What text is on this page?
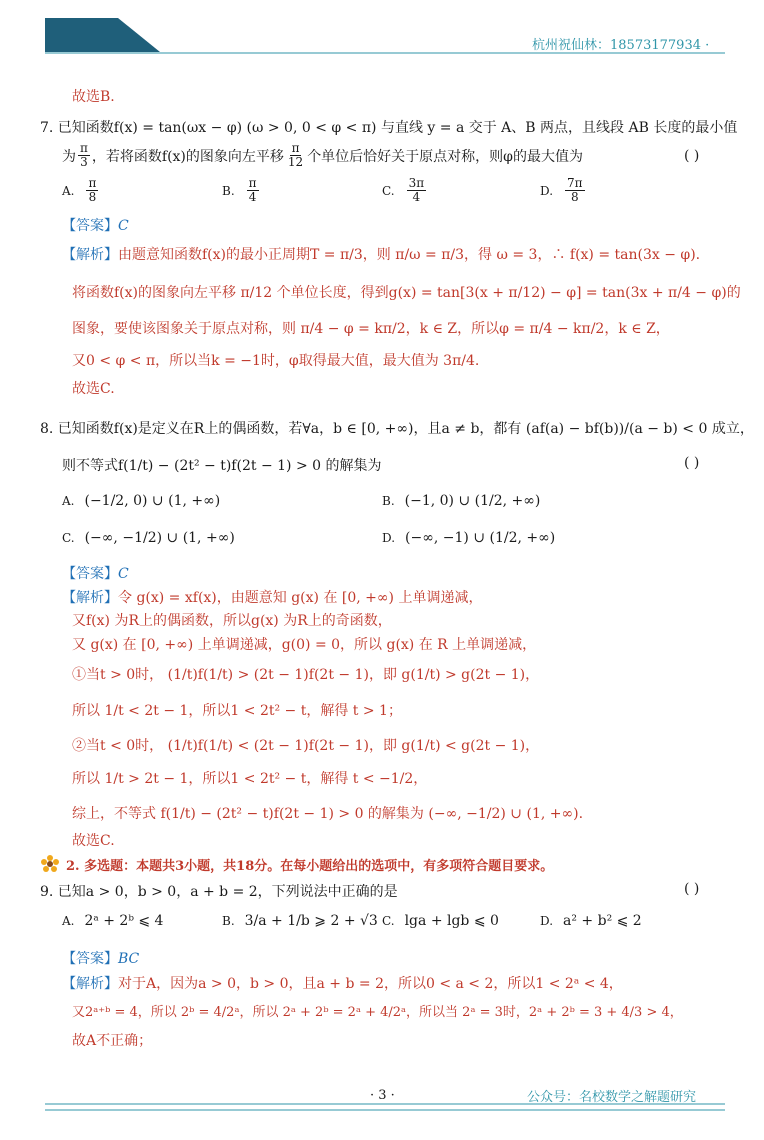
杭州祝仙林：18573177934 ·
故选B.
7. 已知函数f(x) = tan(ωx − φ) (ω > 0, 0 < φ < π) 与直线 y = a 交于 A、B 两点，且线段 AB 长度的最小值
为 $\frac{\pi}{3}$ ，若将函数f(x)的图象向左平移 $\frac{\pi}{12}$ 个单位后恰好关于原点对称，则φ的最大值为	( )
A. $\frac{\pi}{8}$	B. $\frac{\pi}{4}$	C. $\frac{3\pi}{4}$	D. $\frac{7\pi}{8}$
【答案】C
【解析】由题意知函数f(x)的最小正周期T = π/3，则 π/ω = π/3，得 ω = 3，∴ f(x) = tan(3x − φ).
将函数f(x)的图象向左平移 π/12 个单位长度，得到g(x) = tan[3(x + π/12) − φ] = tan(3x + π/4 − φ)的
图象，要使该图象关于原点对称，则 π/4 − φ = kπ/2，k ∈ Z，所以φ = π/4 − kπ/2，k ∈ Z，
又0 < φ < π，所以当k = −1时，φ取得最大值，最大值为 3π/4.
故选C.
8. 已知函数f(x)是定义在R上的偶函数，若∀a，b ∈ [0, +∞)，且a ≠ b，都有 (af(a) − bf(b))/(a − b) < 0 成立，
则不等式f(1/t) − (2t² − t)f(2t − 1) > 0 的解集为	( )
A. (−1/2, 0) ∪ (1, +∞)	B. (−1, 0) ∪ (1/2, +∞)
C. (−∞, −1/2) ∪ (1, +∞)	D. (−∞, −1) ∪ (1/2, +∞)
【答案】C
【解析】令 g(x) = xf(x)，由题意知 g(x) 在 [0, +∞) 上单调递减，
又f(x) 为R上的偶函数，所以g(x) 为R上的奇函数，
又 g(x) 在 [0, +∞) 上单调递减，g(0) = 0，所以 g(x) 在 R 上单调递减，
①当t > 0时， (1/t)f(1/t) > (2t − 1)f(2t − 1)，即 g(1/t) > g(2t − 1)，
所以 1/t < 2t − 1，所以1 < 2t² − t，解得 t > 1；
②当t < 0时， (1/t)f(1/t) < (2t − 1)f(2t − 1)，即 g(1/t) < g(2t − 1)，
所以 1/t > 2t − 1，所以1 < 2t² − t，解得 t < −1/2，
综上，不等式 f(1/t) − (2t² − t)f(2t − 1) > 0 的解集为 (−∞, −1/2) ∪ (1, +∞).
故选C.
2. 多选题：本题共3小题，共18分。在每小题给出的选项中，有多项符合题目要求。
9. 已知a > 0，b > 0，a + b = 2，下列说法中正确的是	( )
A. 2ᵃ + 2ᵇ ⩽ 4	B. 3/a + 1/b ⩾ 2 + √3 C. lga + lgb ⩽ 0	D. a² + b² ⩽ 2
【答案】BC
【解析】对于A，因为a > 0，b > 0，且a + b = 2，所以0 < a < 2，所以1 < 2ᵃ < 4，
又2ᵃ⁺ᵇ = 4，所以 2ᵇ = 4/2ᵃ，所以 2ᵃ + 2ᵇ = 2ᵃ + 4/2ᵃ，所以当 2ᵃ = 3时，2ᵃ + 2ᵇ = 3 + 4/3 > 4，
故A不正确；
· 3 ·	公众号：名校数学之解题研究
